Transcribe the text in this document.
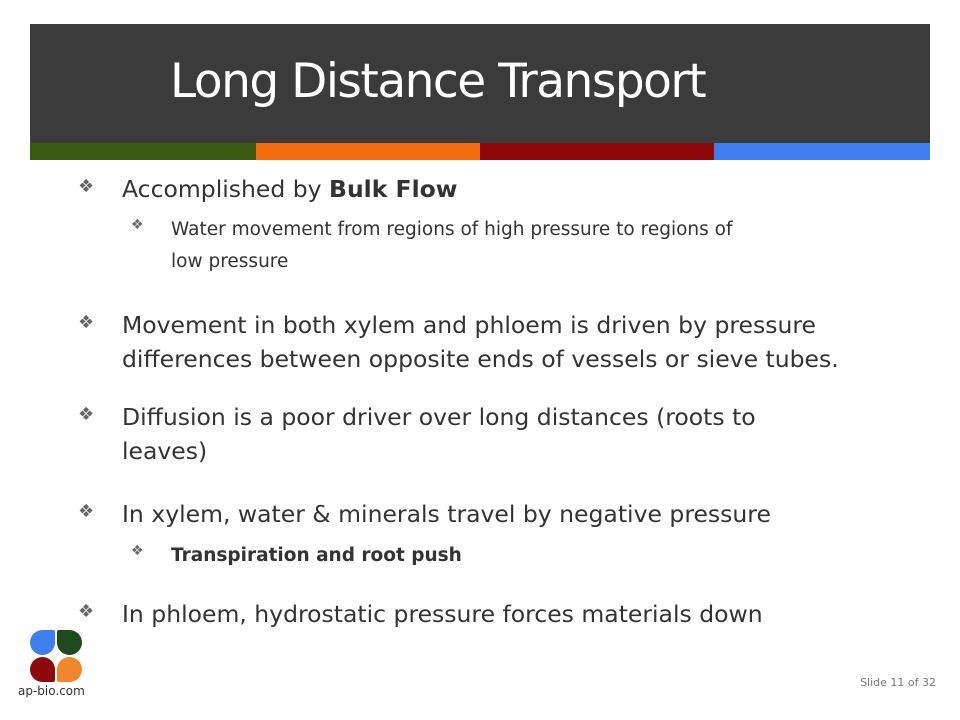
Long Distance Transport
❖ Accomplished by Bulk Flow
❖ Water movement from regions of high pressure to regions of
low pressure
❖ Movement in both xylem and phloem is driven by pressure
differences between opposite ends of vessels or sieve tubes.
❖ Diffusion is a poor driver over long distances (roots to
leaves)
❖ In xylem, water & minerals travel by negative pressure
❖ Transpiration and root push
❖ In phloem, hydrostatic pressure forces materials down
ap-bio.com
Slide 11 of 32
